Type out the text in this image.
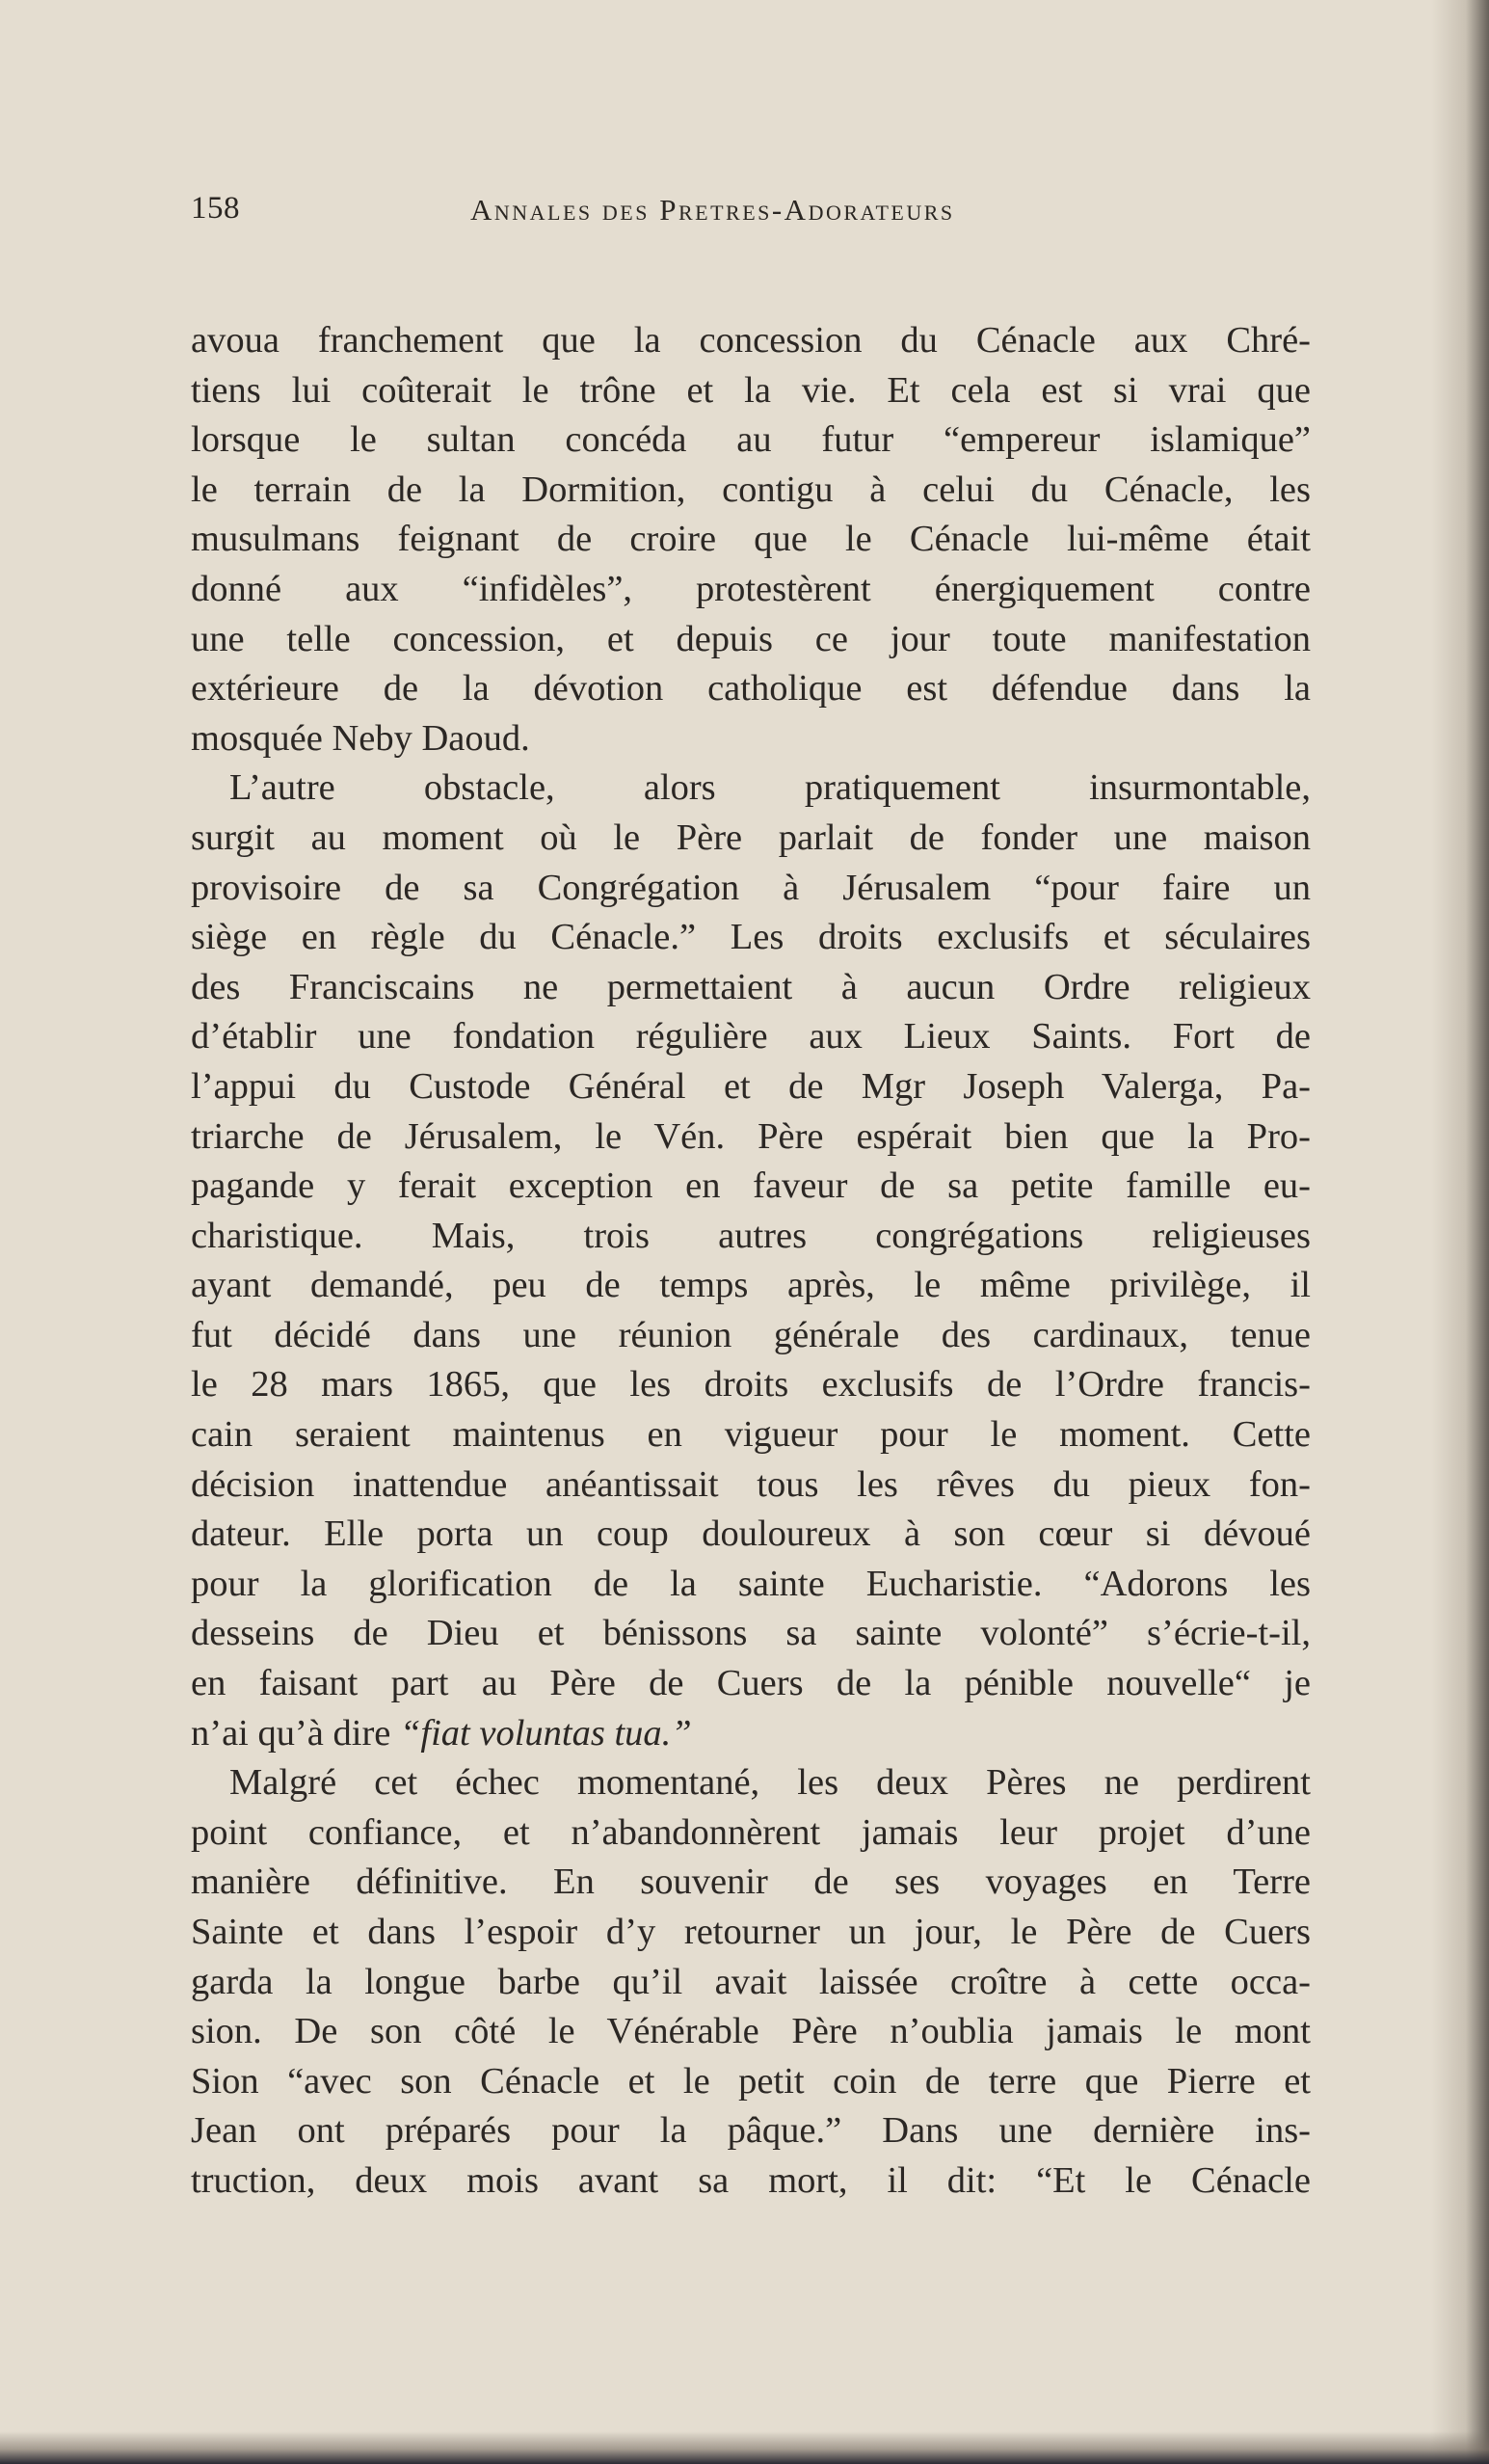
158	Annales des Pretres-Adorateurs
avoua franchement que la concession du Cénacle aux Chré-
tiens lui coûterait le trône et la vie. Et cela est si vrai que
lorsque le sultan concéda au futur “empereur islamique”
le terrain de la Dormition, contigu à celui du Cénacle, les
musulmans feignant de croire que le Cénacle lui-même était
donné aux “infidèles”, protestèrent énergiquement contre
une telle concession, et depuis ce jour toute manifestation
extérieure de la dévotion catholique est défendue dans la
mosquée Neby Daoud.
L’autre obstacle, alors pratiquement insurmontable,
surgit au moment où le Père parlait de fonder une maison
provisoire de sa Congrégation à Jérusalem “pour faire un
siège en règle du Cénacle.” Les droits exclusifs et séculaires
des Franciscains ne permettaient à aucun Ordre religieux
d’établir une fondation régulière aux Lieux Saints. Fort de
l’appui du Custode Général et de Mgr Joseph Valerga, Pa-
triarche de Jérusalem, le Vén. Père espérait bien que la Pro-
pagande y ferait exception en faveur de sa petite famille eu-
charistique. Mais, trois autres congrégations religieuses
ayant demandé, peu de temps après, le même privilège, il
fut décidé dans une réunion générale des cardinaux, tenue
le 28 mars 1865, que les droits exclusifs de l’Ordre francis-
cain seraient maintenus en vigueur pour le moment. Cette
décision inattendue anéantissait tous les rêves du pieux fon-
dateur. Elle porta un coup douloureux à son cœur si dévoué
pour la glorification de la sainte Eucharistie. “Adorons les
desseins de Dieu et bénissons sa sainte volonté” s’écrie-t-il,
en faisant part au Père de Cuers de la pénible nouvelle“ je
n’ai qu’à dire “fiat voluntas tua.”
Malgré cet échec momentané, les deux Pères ne perdirent
point confiance, et n’abandonnèrent jamais leur projet d’une
manière définitive. En souvenir de ses voyages en Terre
Sainte et dans l’espoir d’y retourner un jour, le Père de Cuers
garda la longue barbe qu’il avait laissée croître à cette occa-
sion. De son côté le Vénérable Père n’oublia jamais le mont
Sion “avec son Cénacle et le petit coin de terre que Pierre et
Jean ont préparés pour la pâque.” Dans une dernière ins-
truction, deux mois avant sa mort, il dit: “Et le Cénacle
